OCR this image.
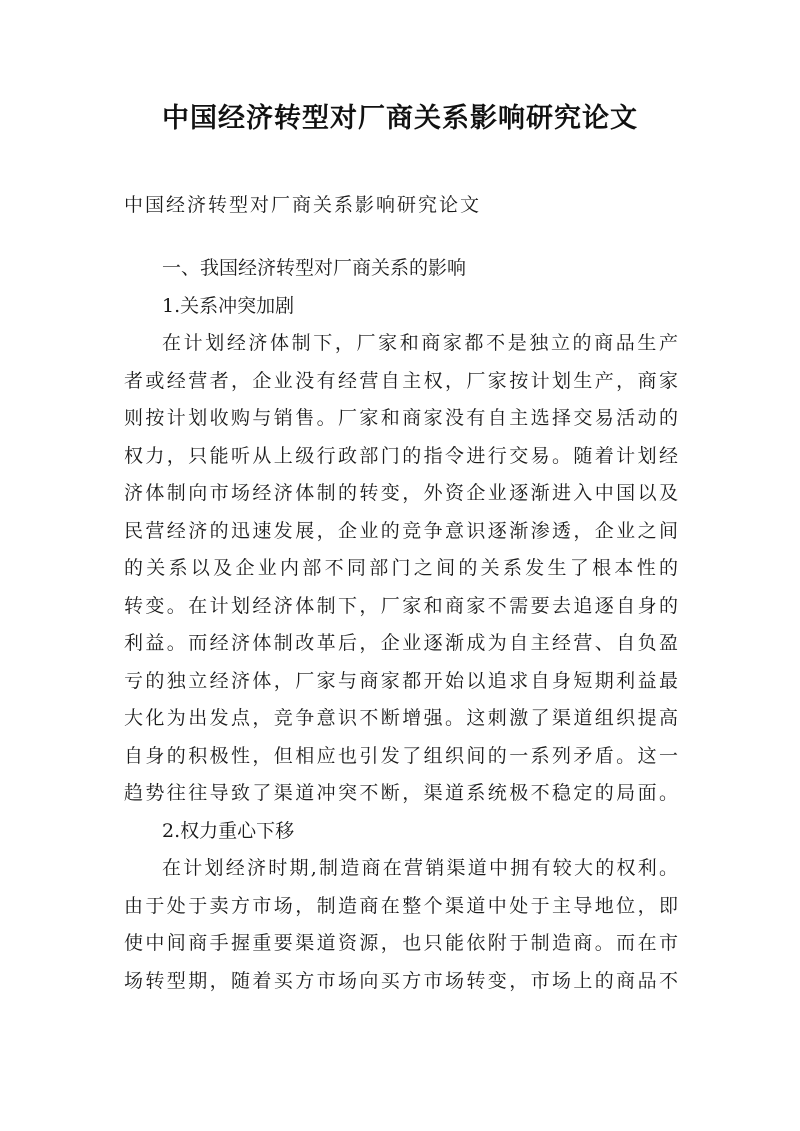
中国经济转型对厂商关系影响研究论文

中国经济转型对厂商关系影响研究论文

一、我国经济转型对厂商关系的影响
1.关系冲突加剧
在计划经济体制下，厂家和商家都不是独立的商品生产
者或经营者，企业没有经营自主权，厂家按计划生产，商家
则按计划收购与销售。厂家和商家没有自主选择交易活动的
权力，只能听从上级行政部门的指令进行交易。随着计划经
济体制向市场经济体制的转变，外资企业逐渐进入中国以及
民营经济的迅速发展，企业的竞争意识逐渐渗透，企业之间
的关系以及企业内部不同部门之间的关系发生了根本性的
转变。在计划经济体制下，厂家和商家不需要去追逐自身的
利益。而经济体制改革后，企业逐渐成为自主经营、自负盈
亏的独立经济体，厂家与商家都开始以追求自身短期利益最
大化为出发点，竞争意识不断增强。这刺激了渠道组织提高
自身的积极性，但相应也引发了组织间的一系列矛盾。这一
趋势往往导致了渠道冲突不断，渠道系统极不稳定的局面。
2.权力重心下移
在计划经济时期,制造商在营销渠道中拥有较大的权利。
由于处于卖方市场，制造商在整个渠道中处于主导地位，即
使中间商手握重要渠道资源，也只能依附于制造商。而在市
场转型期，随着买方市场向买方市场转变，市场上的商品不
